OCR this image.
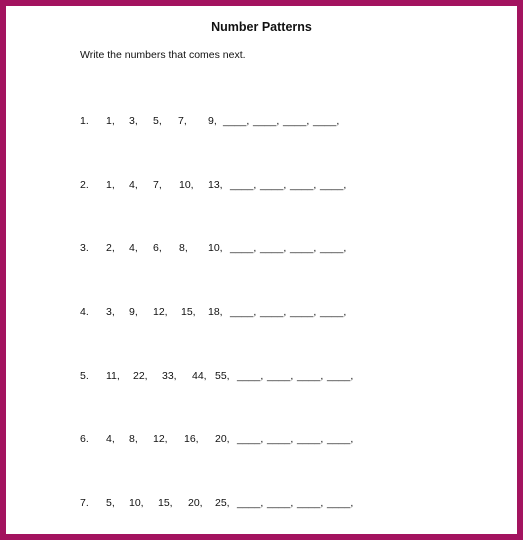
Number Patterns
Write the numbers that comes next.
1. 1, 3, 5, 7, 9, ____, ____, ____, ____,
2. 1, 4, 7, 10, 13, ____, ____, ____, ____,
3. 2, 4, 6, 8, 10, ____, ____, ____, ____,
4. 3, 9, 12, 15, 18, ____, ____, ____, ____,
5. 11, 22, 33, 44, 55, ____, ____, ____, ____,
6. 4, 8, 12, 16, 20, ____, ____, ____, ____,
7. 5, 10, 15, 20, 25, ____, ____, ____, ____,
